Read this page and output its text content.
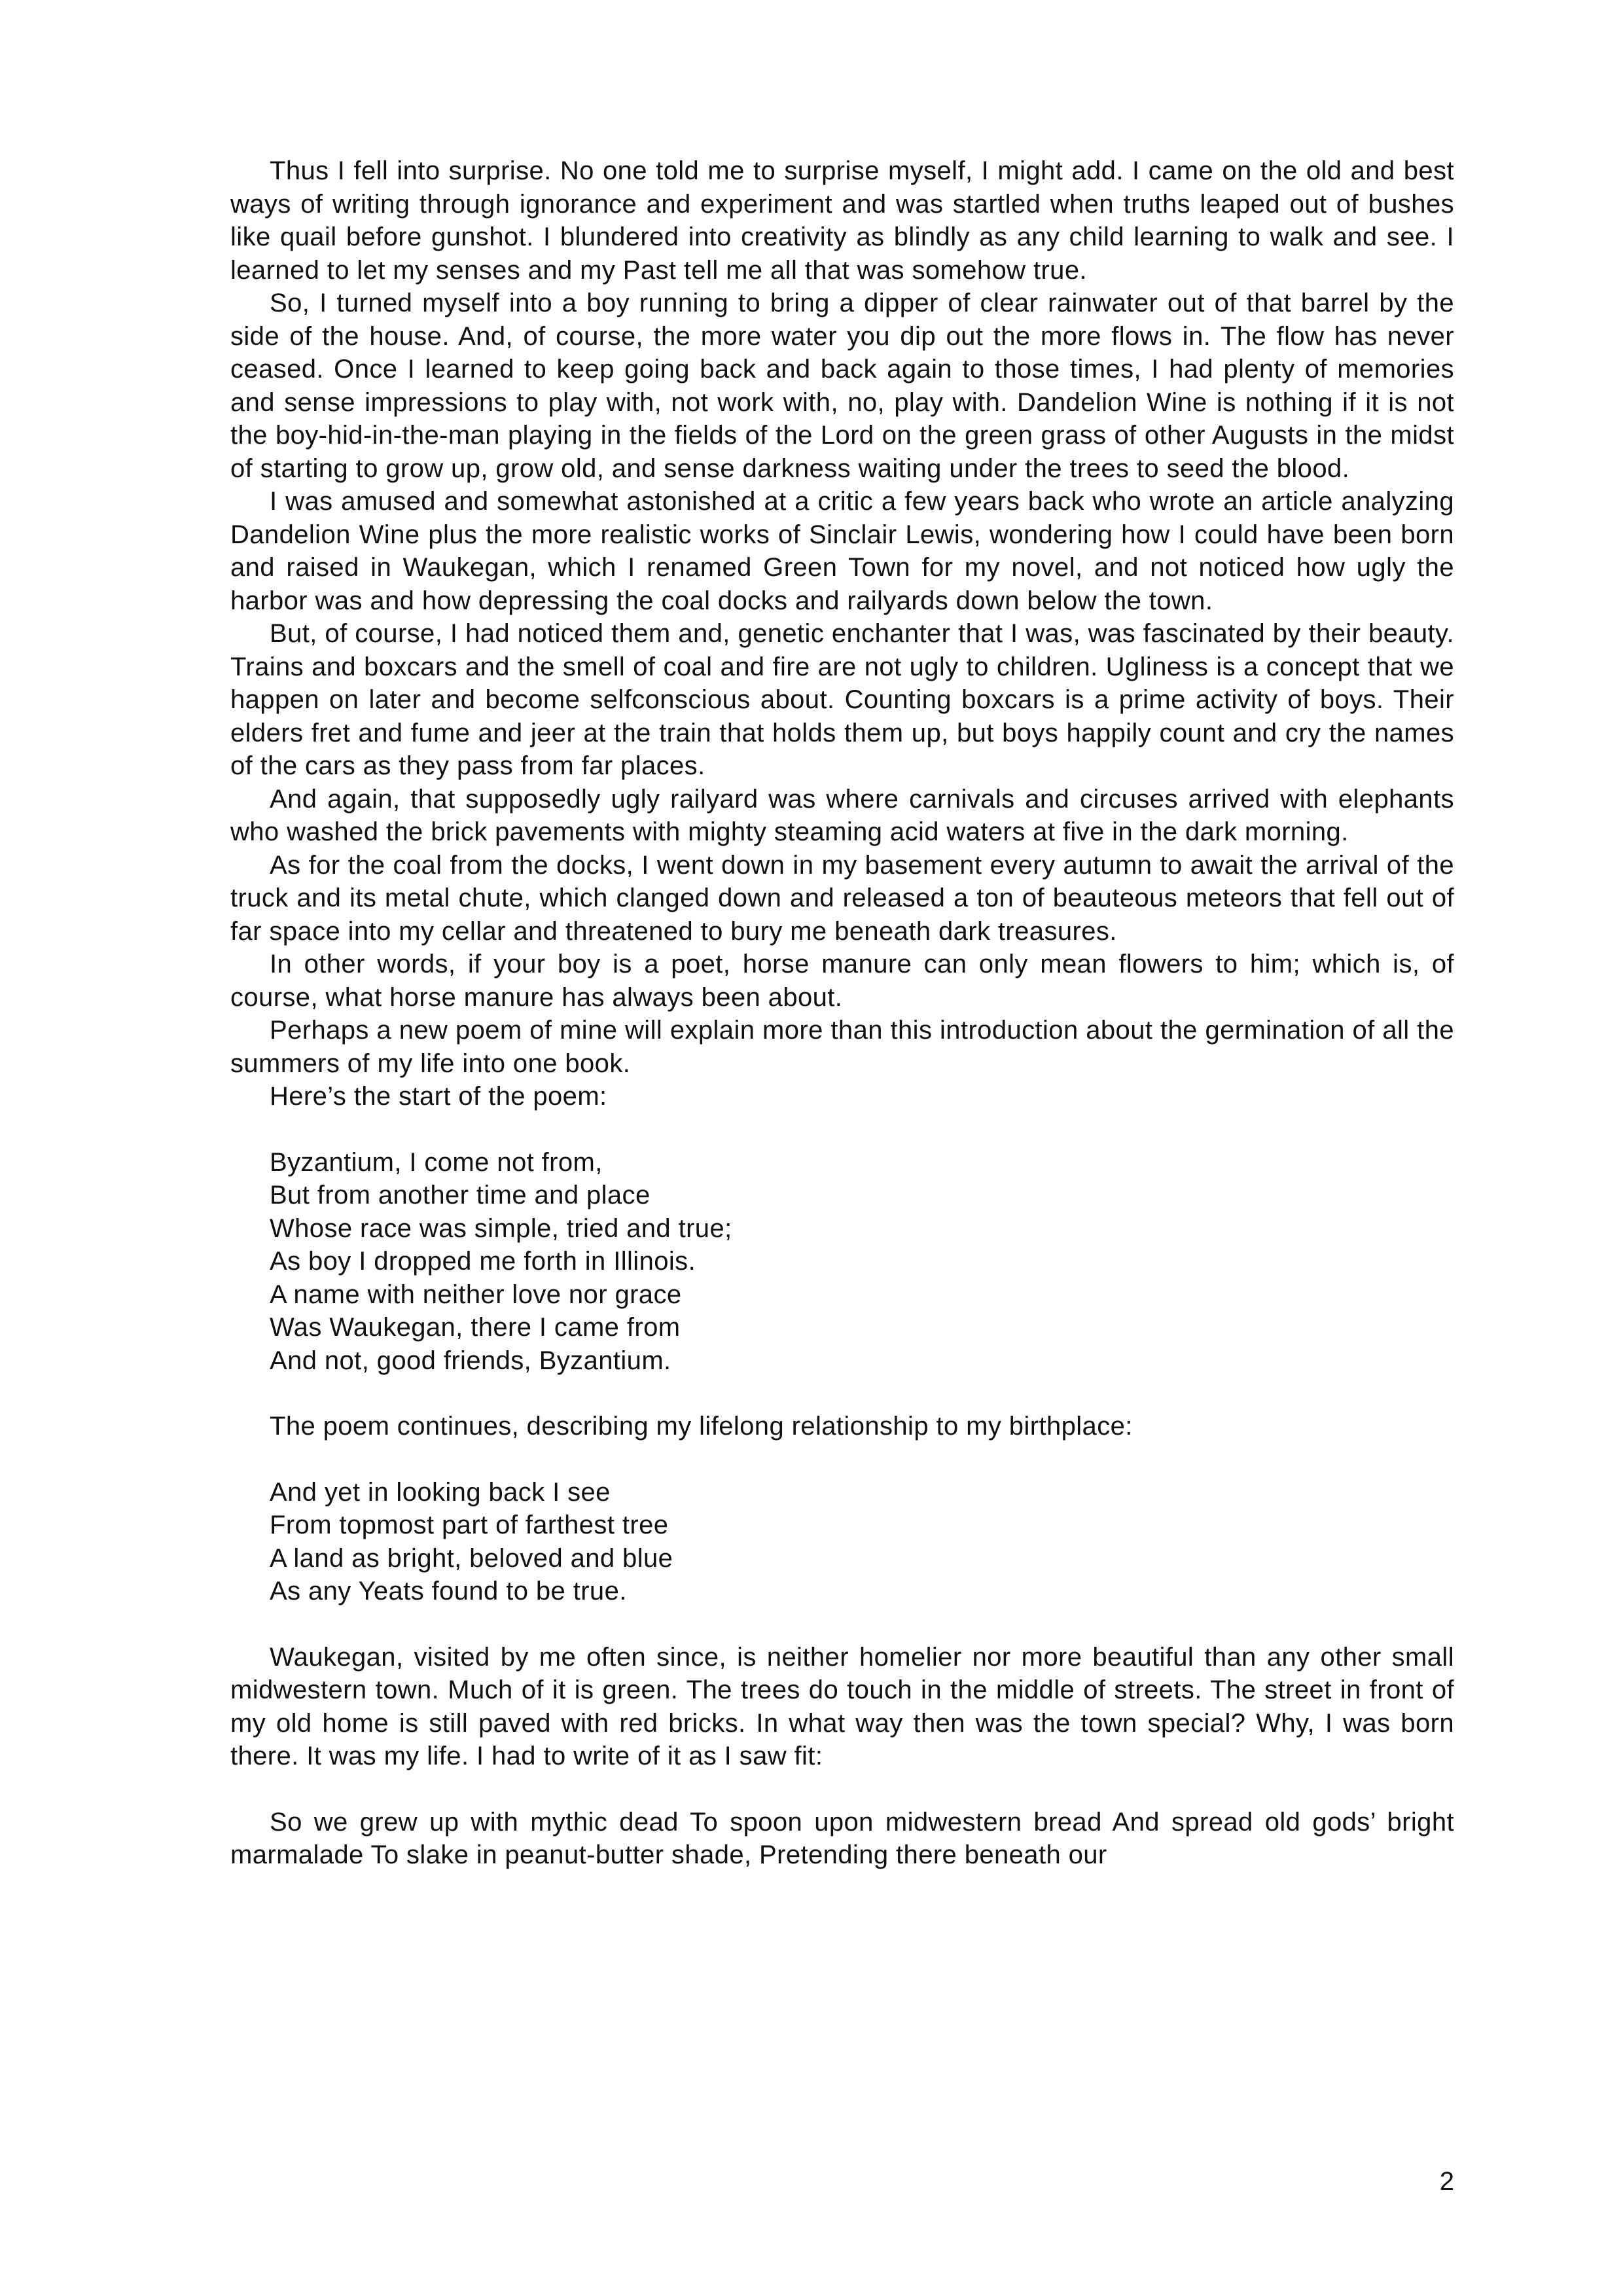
Thus I fell into surprise. No one told me to surprise myself, I might add. I came on the old and best ways of writing through ignorance and experiment and was startled when truths leaped out of bushes like quail before gunshot. I blundered into creativity as blindly as any child learning to walk and see. I learned to let my senses and my Past tell me all that was somehow true.

So, I turned myself into a boy running to bring a dipper of clear rainwater out of that barrel by the side of the house. And, of course, the more water you dip out the more flows in. The flow has never ceased. Once I learned to keep going back and back again to those times, I had plenty of memories and sense impressions to play with, not work with, no, play with. Dandelion Wine is nothing if it is not the boy-hid-in-the-man playing in the fields of the Lord on the green grass of other Augusts in the midst of starting to grow up, grow old, and sense darkness waiting under the trees to seed the blood.

I was amused and somewhat astonished at a critic a few years back who wrote an article analyzing Dandelion Wine plus the more realistic works of Sinclair Lewis, wondering how I could have been born and raised in Waukegan, which I renamed Green Town for my novel, and not noticed how ugly the harbor was and how depressing the coal docks and railyards down below the town.

But, of course, I had noticed them and, genetic enchanter that I was, was fascinated by their beauty. Trains and boxcars and the smell of coal and fire are not ugly to children. Ugliness is a concept that we happen on later and become selfconscious about. Counting boxcars is a prime activity of boys. Their elders fret and fume and jeer at the train that holds them up, but boys happily count and cry the names of the cars as they pass from far places.

And again, that supposedly ugly railyard was where carnivals and circuses arrived with elephants who washed the brick pavements with mighty steaming acid waters at five in the dark morning.

As for the coal from the docks, I went down in my basement every autumn to await the arrival of the truck and its metal chute, which clanged down and released a ton of beauteous meteors that fell out of far space into my cellar and threatened to bury me beneath dark treasures.

In other words, if your boy is a poet, horse manure can only mean flowers to him; which is, of course, what horse manure has always been about.

Perhaps a new poem of mine will explain more than this introduction about the germination of all the summers of my life into one book.

Here’s the start of the poem:

Byzantium, I come not from,
But from another time and place
Whose race was simple, tried and true;
As boy I dropped me forth in Illinois.
A name with neither love nor grace
Was Waukegan, there I came from
And not, good friends, Byzantium.

The poem continues, describing my lifelong relationship to my birthplace:

And yet in looking back I see
From topmost part of farthest tree
A land as bright, beloved and blue
As any Yeats found to be true.

Waukegan, visited by me often since, is neither homelier nor more beautiful than any other small midwestern town. Much of it is green. The trees do touch in the middle of streets. The street in front of my old home is still paved with red bricks. In what way then was the town special? Why, I was born there. It was my life. I had to write of it as I saw fit:

So we grew up with mythic dead To spoon upon midwestern bread And spread old gods’ bright marmalade To slake in peanut-butter shade, Pretending there beneath our

2
